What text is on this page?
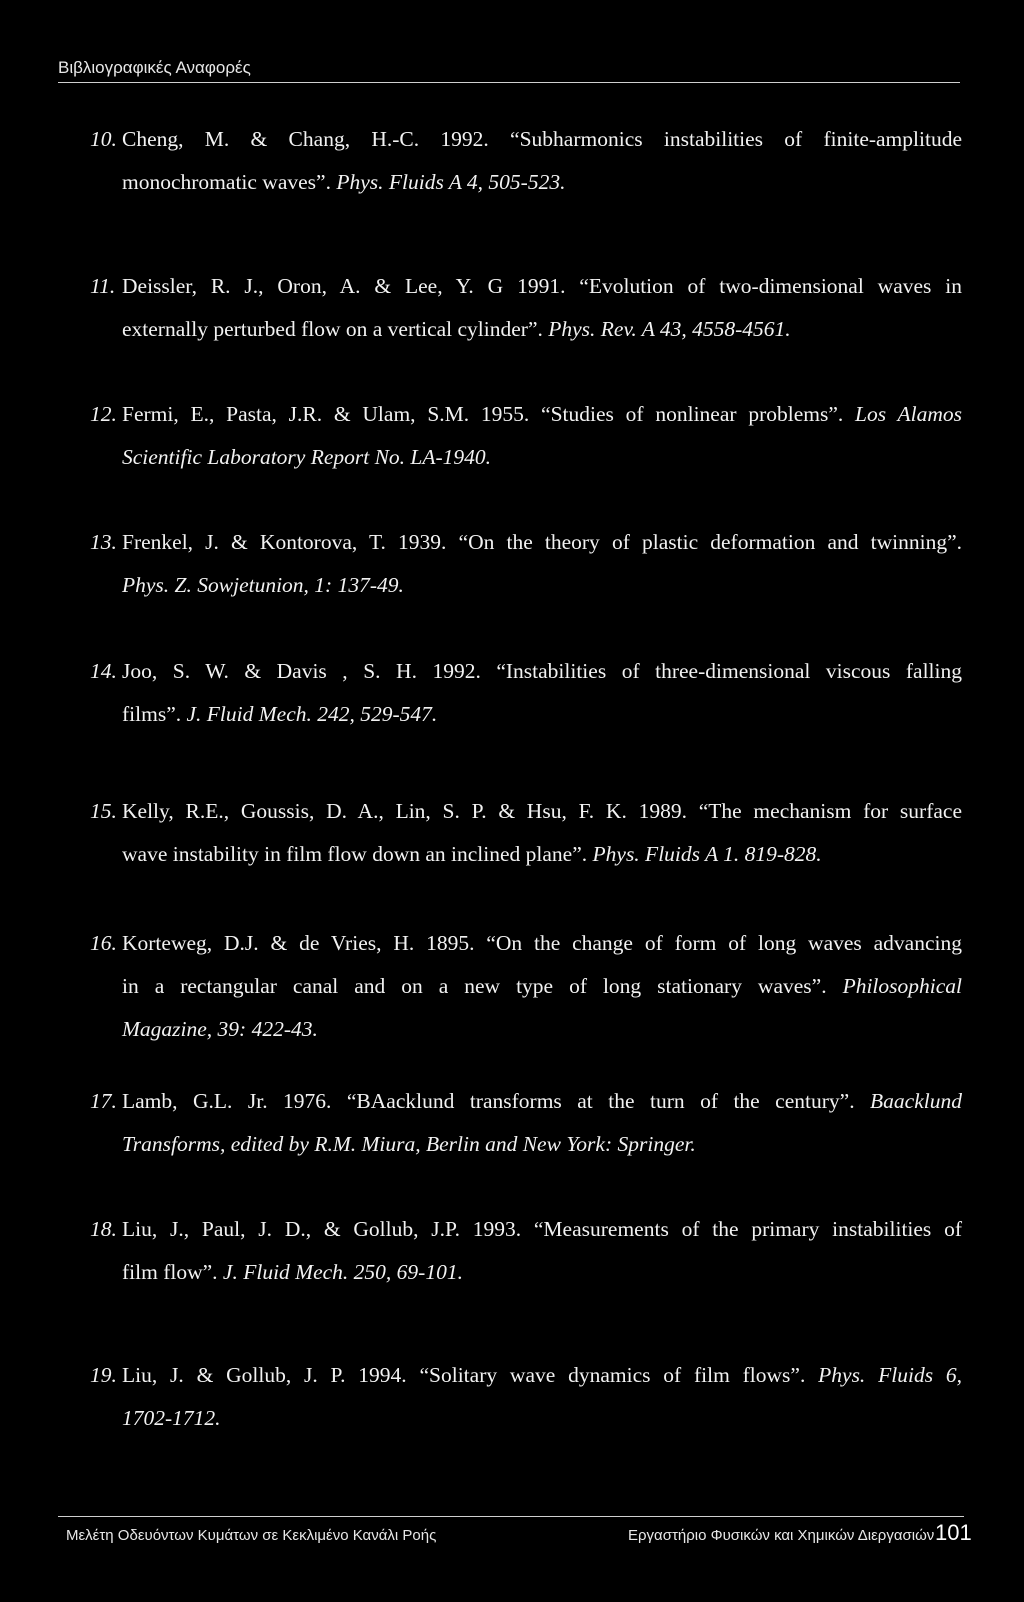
Βιβλιογραφικές Αναφορές
10. Cheng, M. & Chang, H.-C. 1992. “Subharmonics instabilities of finite-amplitude
monochromatic waves”. Phys. Fluids A 4, 505-523.
11. Deissler, R. J., Oron, A. & Lee, Y. G 1991. “Evolution of two-dimensional waves in
externally perturbed flow on a vertical cylinder”. Phys. Rev. A 43, 4558-4561.
12. Fermi, E., Pasta, J.R. & Ulam, S.M. 1955. “Studies of nonlinear problems”. Los Alamos
Scientific Laboratory Report No. LA-1940.
13. Frenkel, J. & Kontorova, T. 1939. “On the theory of plastic deformation and twinning”.
Phys. Z. Sowjetunion, 1: 137-49.
14. Joo, S. W. & Davis , S. H. 1992. “Instabilities of three-dimensional viscous falling
films”. J. Fluid Mech. 242, 529-547.
15. Kelly, R.E., Goussis, D. A., Lin, S. P. & Hsu, F. K. 1989. “The mechanism for surface
wave instability in film flow down an inclined plane”. Phys. Fluids A 1. 819-828.
16. Korteweg, D.J. & de Vries, H. 1895. “On the change of form of long waves advancing
in a rectangular canal and on a new type of long stationary waves”. Philosophical
Magazine, 39: 422-43.
17. Lamb, G.L. Jr. 1976. “BAacklund transforms at the turn of the century”. Baacklund
Transforms, edited by R.M. Miura, Berlin and New York: Springer.
18. Liu, J., Paul, J. D., & Gollub, J.P. 1993. “Measurements of the primary instabilities of
film flow”. J. Fluid Mech. 250, 69-101.
19. Liu, J. & Gollub, J. P. 1994. “Solitary wave dynamics of film flows”. Phys. Fluids 6,
1702-1712.
Μελέτη Οδευόντων Κυμάτων σε Κεκλιμένο Κανάλι Ροής	Εργαστήριο Φυσικών και Χημικών Διεργασιών 101
